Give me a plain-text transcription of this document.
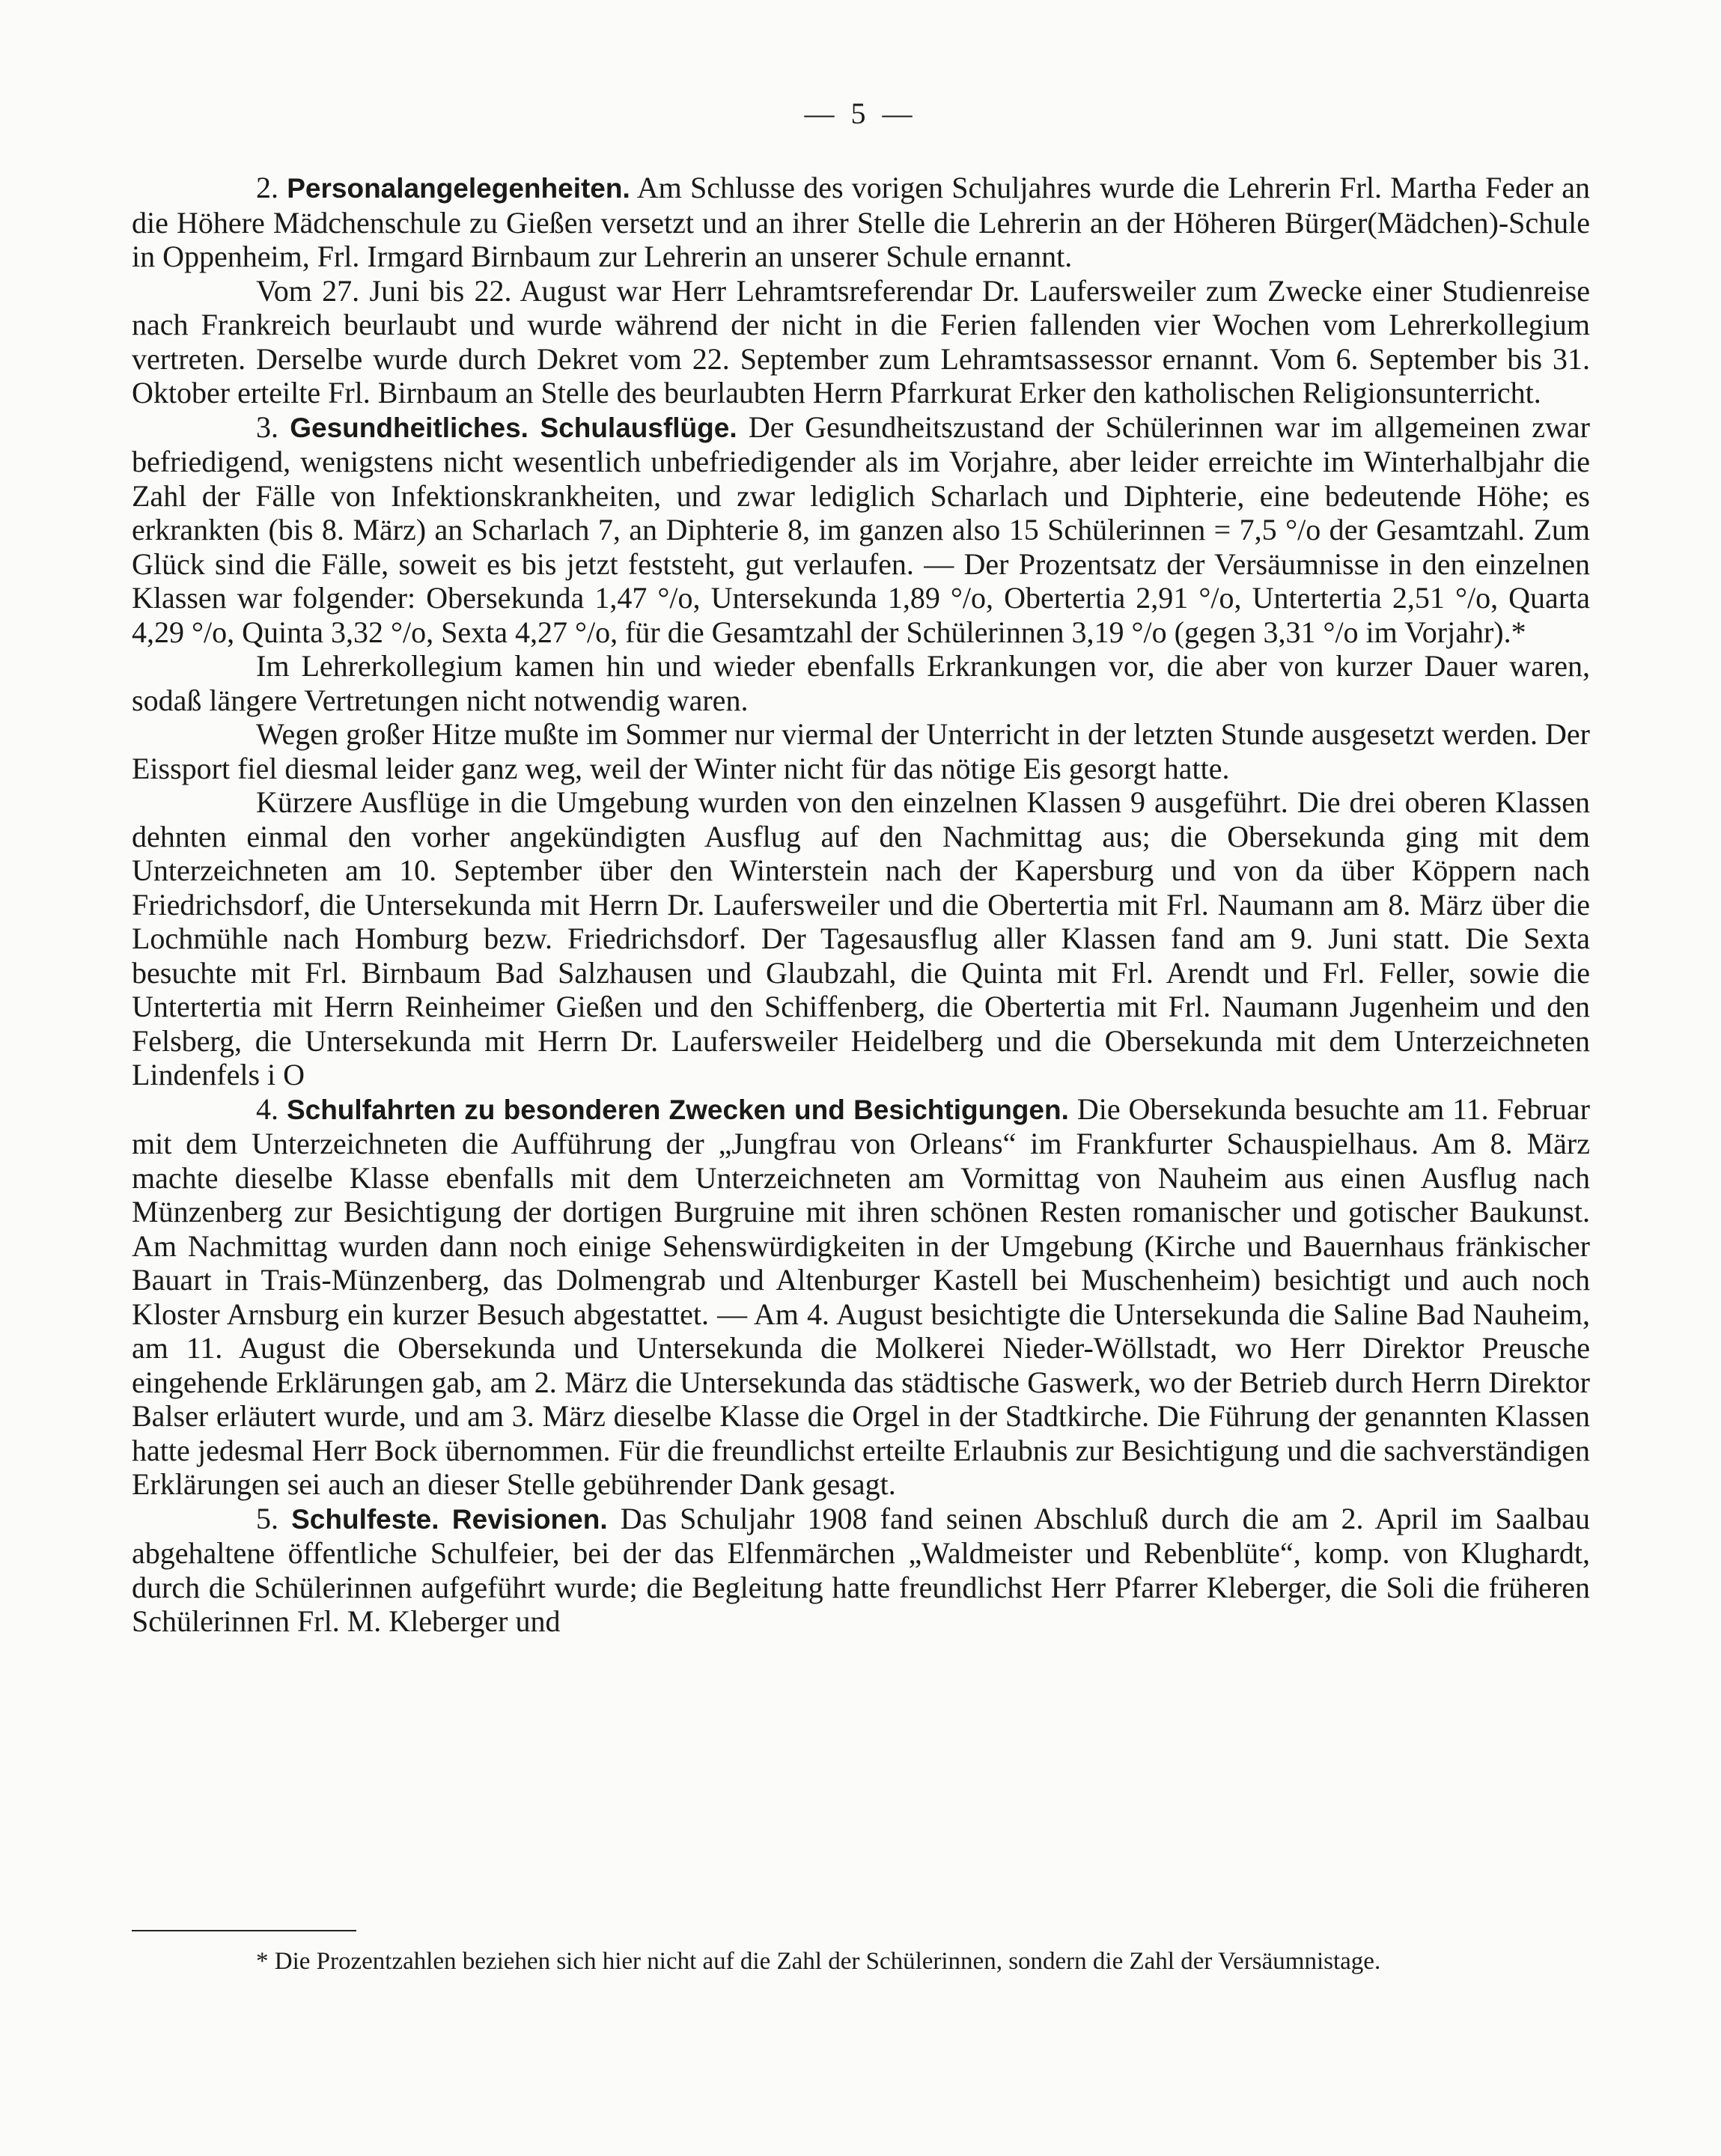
— 5 —

2. Personalangelegenheiten. Am Schlusse des vorigen Schuljahres wurde die Lehrerin Frl. Martha Feder an die Höhere Mädchenschule zu Gießen versetzt und an ihrer Stelle die Lehrerin an der Höheren Bürger(Mädchen)-Schule in Oppenheim, Frl. Irmgard Birnbaum zur Lehrerin an unserer Schule ernannt.

Vom 27. Juni bis 22. August war Herr Lehramtsreferendar Dr. Laufersweiler zum Zwecke einer Studienreise nach Frankreich beurlaubt und wurde während der nicht in die Ferien fallenden vier Wochen vom Lehrerkollegium vertreten. Derselbe wurde durch Dekret vom 22. September zum Lehramtsassessor ernannt. Vom 6. September bis 31. Oktober erteilte Frl. Birnbaum an Stelle des beurlaubten Herrn Pfarrkurat Erker den katholischen Religionsunterricht.

3. Gesundheitliches. Schulausflüge. Der Gesundheitszustand der Schülerinnen war im allgemeinen zwar befriedigend, wenigstens nicht wesentlich unbefriedigender als im Vorjahre, aber leider erreichte im Winterhalbjahr die Zahl der Fälle von Infektionskrankheiten, und zwar lediglich Scharlach und Diphterie, eine bedeutende Höhe; es erkrankten (bis 8. März) an Scharlach 7, an Diphterie 8, im ganzen also 15 Schülerinnen = 7,5 °/o der Gesamtzahl. Zum Glück sind die Fälle, soweit es bis jetzt feststeht, gut verlaufen. — Der Prozentsatz der Versäumnisse in den einzelnen Klassen war folgender: Obersekunda 1,47 °/o, Untersekunda 1,89 °/o, Obertertia 2,91 °/o, Untertertia 2,51 °/o, Quarta 4,29 °/o, Quinta 3,32 °/o, Sexta 4,27 °/o, für die Gesamtzahl der Schülerinnen 3,19 °/o (gegen 3,31 °/o im Vorjahr).*

Im Lehrerkollegium kamen hin und wieder ebenfalls Erkrankungen vor, die aber von kurzer Dauer waren, sodaß längere Vertretungen nicht notwendig waren.

Wegen großer Hitze mußte im Sommer nur viermal der Unterricht in der letzten Stunde ausgesetzt werden. Der Eissport fiel diesmal leider ganz weg, weil der Winter nicht für das nötige Eis gesorgt hatte.

Kürzere Ausflüge in die Umgebung wurden von den einzelnen Klassen 9 ausgeführt. Die drei oberen Klassen dehnten einmal den vorher angekündigten Ausflug auf den Nachmittag aus; die Obersekunda ging mit dem Unterzeichneten am 10. September über den Winterstein nach der Kapersburg und von da über Köppern nach Friedrichsdorf, die Untersekunda mit Herrn Dr. Laufersweiler und die Obertertia mit Frl. Naumann am 8. März über die Lochmühle nach Homburg bezw. Friedrichsdorf. Der Tagesausflug aller Klassen fand am 9. Juni statt. Die Sexta besuchte mit Frl. Birnbaum Bad Salzhausen und Glaubzahl, die Quinta mit Frl. Arendt und Frl. Feller, sowie die Untertertia mit Herrn Reinheimer Gießen und den Schiffenberg, die Obertertia mit Frl. Naumann Jugenheim und den Felsberg, die Untersekunda mit Herrn Dr. Laufersweiler Heidelberg und die Obersekunda mit dem Unterzeichneten Lindenfels i O

4. Schulfahrten zu besonderen Zwecken und Besichtigungen. Die Obersekunda besuchte am 11. Februar mit dem Unterzeichneten die Aufführung der „Jungfrau von Orleans“ im Frankfurter Schauspielhaus. Am 8. März machte dieselbe Klasse ebenfalls mit dem Unterzeichneten am Vormittag von Nauheim aus einen Ausflug nach Münzenberg zur Besichtigung der dortigen Burgruine mit ihren schönen Resten romanischer und gotischer Baukunst. Am Nachmittag wurden dann noch einige Sehenswürdigkeiten in der Umgebung (Kirche und Bauernhaus fränkischer Bauart in Trais-Münzenberg, das Dolmengrab und Altenburger Kastell bei Muschenheim) besichtigt und auch noch Kloster Arnsburg ein kurzer Besuch abgestattet. — Am 4. August besichtigte die Untersekunda die Saline Bad Nauheim, am 11. August die Obersekunda und Untersekunda die Molkerei Nieder-Wöllstadt, wo Herr Direktor Preusche eingehende Erklärungen gab, am 2. März die Untersekunda das städtische Gaswerk, wo der Betrieb durch Herrn Direktor Balser erläutert wurde, und am 3. März dieselbe Klasse die Orgel in der Stadtkirche. Die Führung der genannten Klassen hatte jedesmal Herr Bock übernommen. Für die freundlichst erteilte Erlaubnis zur Besichtigung und die sachverständigen Erklärungen sei auch an dieser Stelle gebührender Dank gesagt.

5. Schulfeste. Revisionen. Das Schuljahr 1908 fand seinen Abschluß durch die am 2. April im Saalbau abgehaltene öffentliche Schulfeier, bei der das Elfenmärchen „Waldmeister und Rebenblüte“, komp. von Klughardt, durch die Schülerinnen aufgeführt wurde; die Begleitung hatte freundlichst Herr Pfarrer Kleberger, die Soli die früheren Schülerinnen Frl. M. Kleberger und

* Die Prozentzahlen beziehen sich hier nicht auf die Zahl der Schülerinnen, sondern die Zahl der Versäumnistage.
